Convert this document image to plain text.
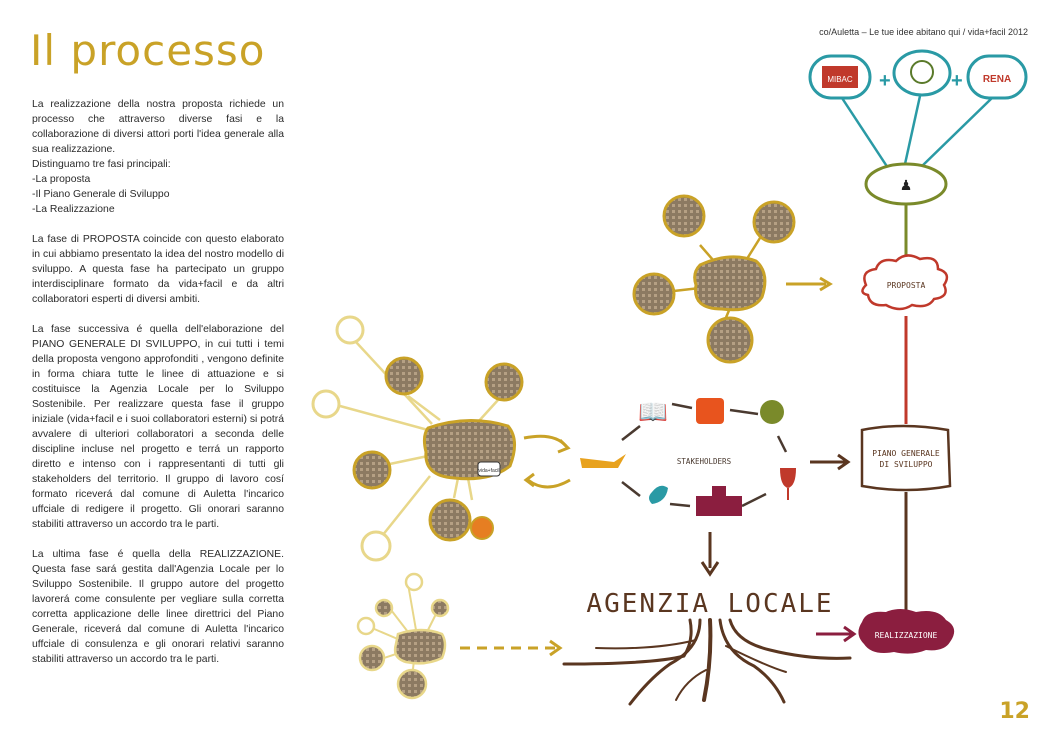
Il processo	co/Auletta – Le tue idee abitano qui / vida+facil 2012

La realizzazione della nostra proposta richiede un processo che attraverso diverse fasi e la collaborazione di diversi attori porti l'idea generale alla sua realizzazione.
Distinguamo tre fasi principali:
-La proposta
-Il Piano Generale di Sviluppo
-La Realizzazione

La fase di PROPOSTA coincide con questo elaborato in cui abbiamo presentato la idea del nostro modello di sviluppo. A questa fase ha partecipato un gruppo interdisciplinare formato da vida+facil e da altri collaboratori esperti di diversi ambiti.

La fase successiva é quella dell'elaborazione del PIANO GENERALE DI SVILUPPO, in cui tutti i temi della proposta vengono approfonditi , vengono definite in forma chiara tutte le linee di attuazione e si costituisce la Agenzia Locale per lo Sviluppo Sostenibile. Per realizzare questa fase il gruppo iniziale (vida+facil e i suoi collaboratori esterni) si potrá avvalere di ulteriori collaboratori a seconda delle discipline incluse nel progetto e terrá un rapporto diretto e intenso con i rappresentanti di tutti gli stakeholders del territorio. Il gruppo di lavoro cosí formato riceverá dal comune di Auletta l'incarico uffciale di redigere il progetto. Gli onorari saranno stabiliti attraverso un accordo tra le parti.

La ultima fase é quella della REALIZZAZIONE. Questa fase sará gestita dall'Agenzia Locale per lo Sviluppo Sostenibile. Il gruppo autore del progetto lavorerá come consulente per vegliare sulla corretta corretta applicazione delle linee direttrici del Piano Generale, riceverá dal comune di Auletta l'incarico uffciale di consulenza e gli onorari relativi saranno stabiliti attraverso un accordo tra le parti.

MIBAC +	+ RENA
♟
PROPOSTA
PIANO GENERALE
DI SVILUPPO
REALIZZAZIONE
vida+facil
📖
STAKEHOLDERS
AGENZIA LOCALE
12
